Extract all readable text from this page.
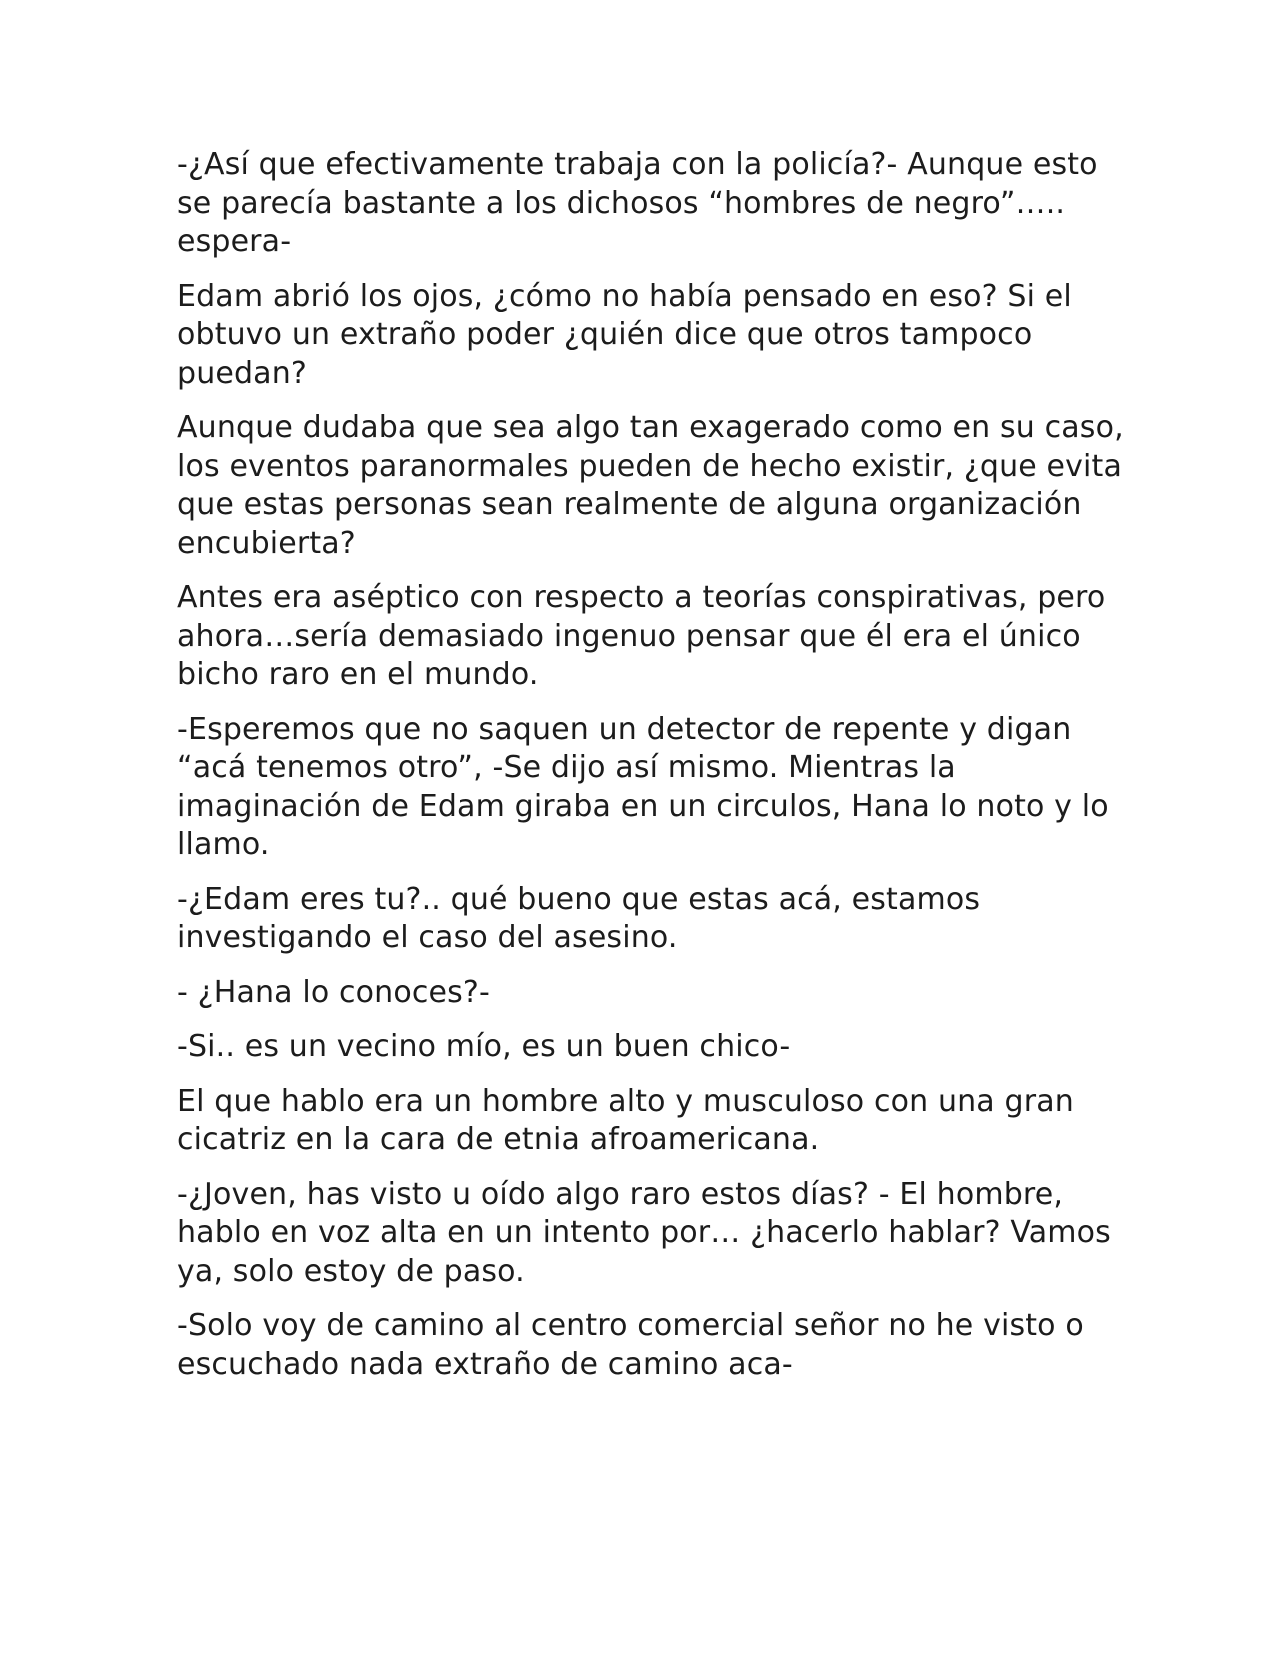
-¿Así que efectivamente trabaja con la policía?- Aunque esto se parecía bastante a los dichosos “hombres de negro”….. espera-

Edam abrió los ojos, ¿cómo no había pensado en eso? Si el obtuvo un extraño poder ¿quién dice que otros tampoco puedan?

Aunque dudaba que sea algo tan exagerado como en su caso, los eventos paranormales pueden de hecho existir, ¿que evita que estas personas sean realmente de alguna organización encubierta?

Antes era aséptico con respecto a teorías conspirativas, pero ahora…sería demasiado ingenuo pensar que él era el único bicho raro en el mundo.

-Esperemos que no saquen un detector de repente y digan “acá tenemos otro”, -Se dijo así mismo. Mientras la imaginación de Edam giraba en un circulos, Hana lo noto y lo llamo.

-¿Edam eres tu?.. qué bueno que estas acá, estamos investigando el caso del asesino.

- ¿Hana lo conoces?-

-Si.. es un vecino mío, es un buen chico-

El que hablo era un hombre alto y musculoso con una gran cicatriz en la cara de etnia afroamericana.

-¿Joven, has visto u oído algo raro estos días? - El hombre, hablo en voz alta en un intento por… ¿hacerlo hablar? Vamos ya, solo estoy de paso.

-Solo voy de camino al centro comercial señor no he visto o escuchado nada extraño de camino aca-
